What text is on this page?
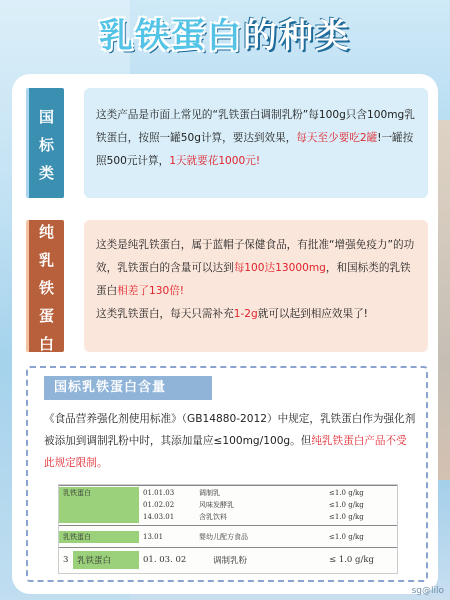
乳铁蛋白的种类
国
标
类
这类产品是市面上常见的“乳铁蛋白调制乳粉”每100g只含100mg乳铁蛋白，按照一罐50g计算，要达到效果，每天至少要吃2罐!一罐按照500元计算，1天就要花1000元!
纯
乳
铁
蛋
白
这类是纯乳铁蛋白，属于蓝帽子保健食品，有批准“增强免疫力”的功效，乳铁蛋白的含量可以达到每100达13000mg，和国标类的乳铁蛋白相差了130倍!
这类乳铁蛋白，每天只需补充1-2g就可以起到相应效果了!
国标乳铁蛋白含量
《食品营养强化剂使用标准》（GB14880-2012）中规定，乳铁蛋白作为强化剂被添加到调制乳粉中时，其添加量应≤100mg/100g。但纯乳铁蛋白产品不受此规定限制。
乳铁蛋白	01.01.03	调制乳	≤1.0 g/kg
01.02.02	风味发酵乳	≤1.0 g/kg
14.03.01	含乳饮料	≤1.0 g/kg
乳铁蛋白	13.01	婴幼儿配方食品	≤1.0 g/kg
3	乳铁蛋白	01. 03. 02	调制乳粉	≤ 1.0 g/kg
sg@lilo
